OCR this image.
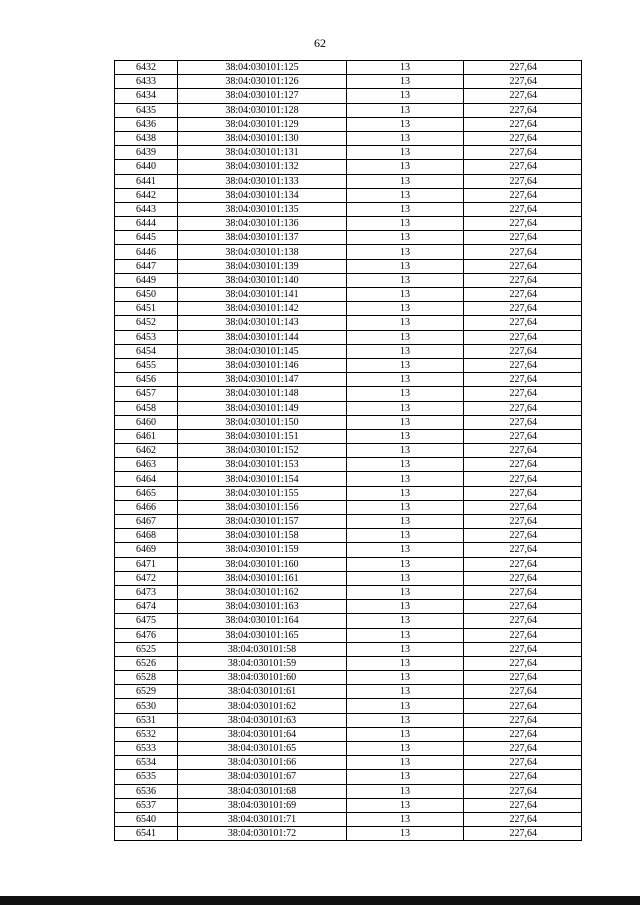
62
6432	38:04:030101:125	13	227,64
6433	38:04:030101:126	13	227,64
6434	38:04:030101:127	13	227,64
6435	38:04:030101:128	13	227,64
6436	38:04:030101:129	13	227,64
6438	38:04:030101:130	13	227,64
6439	38:04:030101:131	13	227,64
6440	38:04:030101:132	13	227,64
6441	38:04:030101:133	13	227,64
6442	38:04:030101:134	13	227,64
6443	38:04:030101:135	13	227,64
6444	38:04:030101:136	13	227,64
6445	38:04:030101:137	13	227,64
6446	38:04:030101:138	13	227,64
6447	38:04:030101:139	13	227,64
6449	38:04:030101:140	13	227,64
6450	38:04:030101:141	13	227,64
6451	38:04:030101:142	13	227,64
6452	38:04:030101:143	13	227,64
6453	38:04:030101:144	13	227,64
6454	38:04:030101:145	13	227,64
6455	38:04:030101:146	13	227,64
6456	38:04:030101:147	13	227,64
6457	38:04:030101:148	13	227,64
6458	38:04:030101:149	13	227,64
6460	38:04:030101:150	13	227,64
6461	38:04:030101:151	13	227,64
6462	38:04:030101:152	13	227,64
6463	38:04:030101:153	13	227,64
6464	38:04:030101:154	13	227,64
6465	38:04:030101:155	13	227,64
6466	38:04:030101:156	13	227,64
6467	38:04:030101:157	13	227,64
6468	38:04:030101:158	13	227,64
6469	38:04:030101:159	13	227,64
6471	38:04:030101:160	13	227,64
6472	38:04:030101:161	13	227,64
6473	38:04:030101:162	13	227,64
6474	38:04:030101:163	13	227,64
6475	38:04:030101:164	13	227,64
6476	38:04:030101:165	13	227,64
6525	38:04:030101:58	13	227,64
6526	38:04:030101:59	13	227,64
6528	38:04:030101:60	13	227,64
6529	38:04:030101:61	13	227,64
6530	38:04:030101:62	13	227,64
6531	38:04:030101:63	13	227,64
6532	38:04:030101:64	13	227,64
6533	38:04:030101:65	13	227,64
6534	38:04:030101:66	13	227,64
6535	38:04:030101:67	13	227,64
6536	38:04:030101:68	13	227,64
6537	38:04:030101:69	13	227,64
6540	38:04:030101:71	13	227,64
6541	38:04:030101:72	13	227,64
